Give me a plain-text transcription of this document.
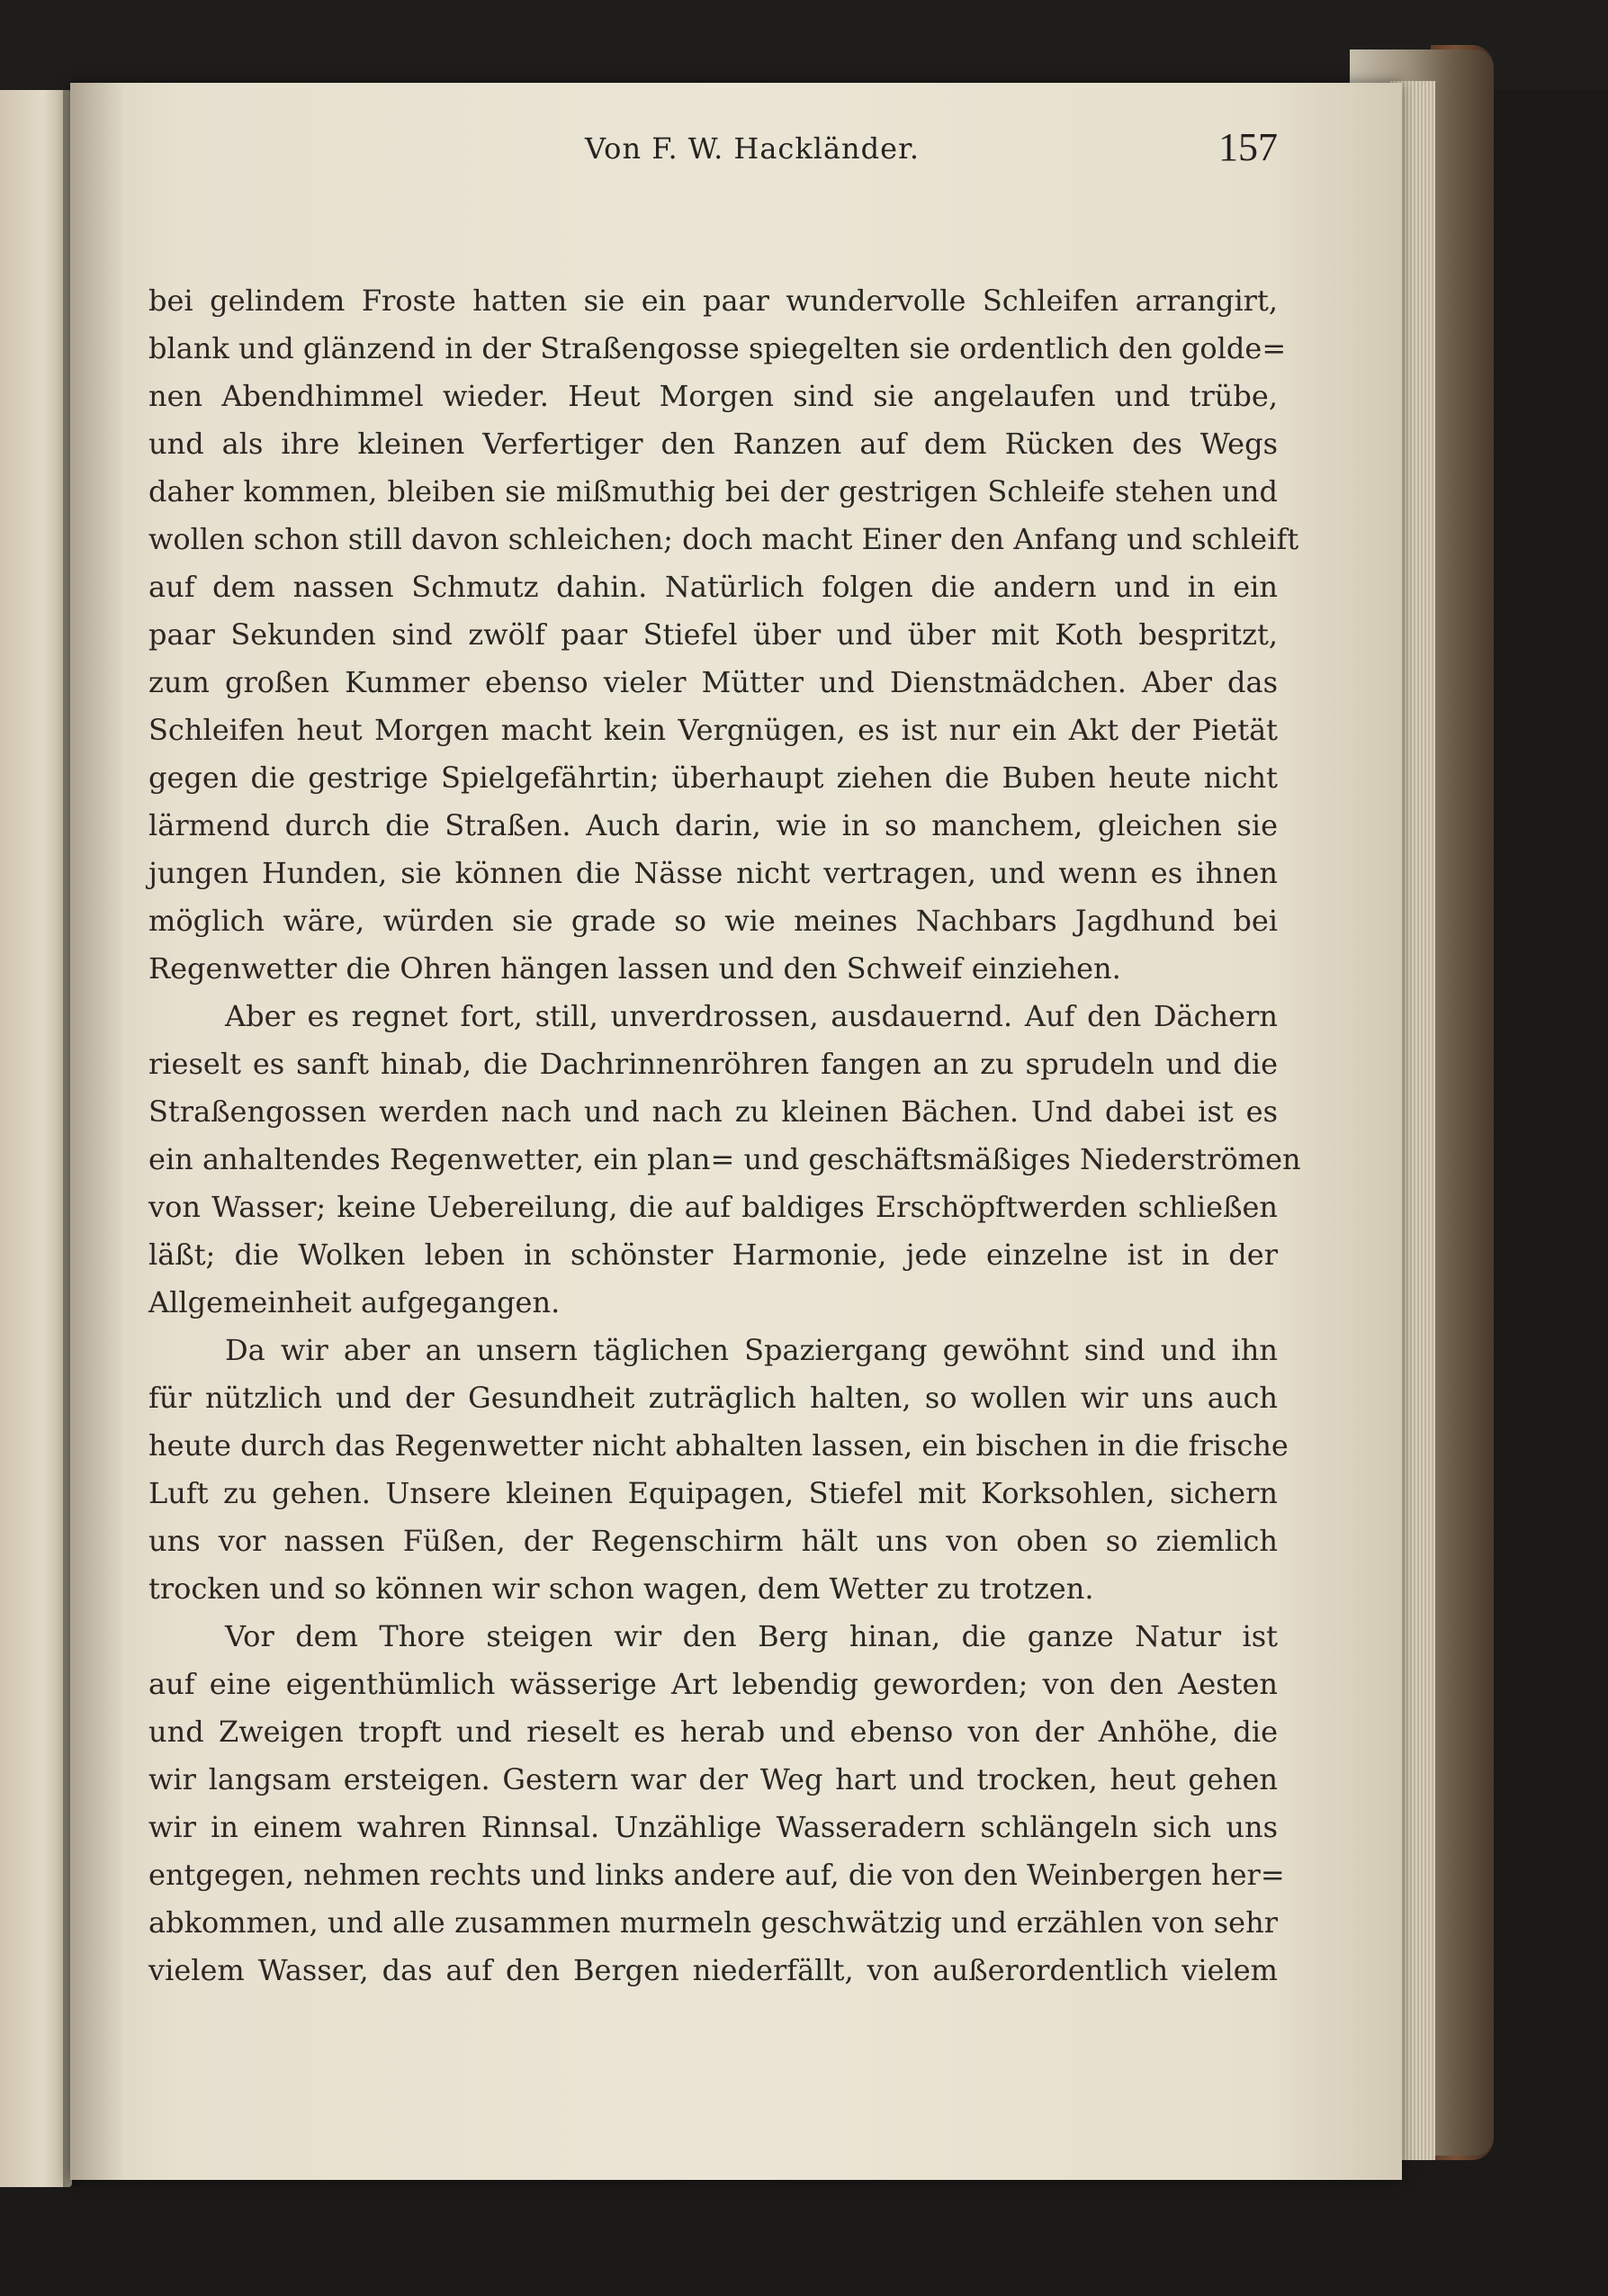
Von F. W. Hackländer.	157
bei gelindem Froste hatten sie ein paar wundervolle Schleifen arrangirt,
blank und glänzend in der Straßengosse spiegelten sie ordentlich den golde=
nen Abendhimmel wieder. Heut Morgen sind sie angelaufen und trübe,
und als ihre kleinen Verfertiger den Ranzen auf dem Rücken des Wegs
daher kommen, bleiben sie mißmuthig bei der gestrigen Schleife stehen und
wollen schon still davon schleichen; doch macht Einer den Anfang und schleift
auf dem nassen Schmutz dahin. Natürlich folgen die andern und in ein
paar Sekunden sind zwölf paar Stiefel über und über mit Koth bespritzt,
zum großen Kummer ebenso vieler Mütter und Dienstmädchen. Aber das
Schleifen heut Morgen macht kein Vergnügen, es ist nur ein Akt der Pietät
gegen die gestrige Spielgefährtin; überhaupt ziehen die Buben heute nicht
lärmend durch die Straßen. Auch darin, wie in so manchem, gleichen sie
jungen Hunden, sie können die Nässe nicht vertragen, und wenn es ihnen
möglich wäre, würden sie grade so wie meines Nachbars Jagdhund bei
Regenwetter die Ohren hängen lassen und den Schweif einziehen.
Aber es regnet fort, still, unverdrossen, ausdauernd. Auf den Dächern
rieselt es sanft hinab, die Dachrinnenröhren fangen an zu sprudeln und die
Straßengossen werden nach und nach zu kleinen Bächen. Und dabei ist es
ein anhaltendes Regenwetter, ein plan= und geschäftsmäßiges Niederströmen
von Wasser; keine Uebereilung, die auf baldiges Erschöpftwerden schließen
läßt; die Wolken leben in schönster Harmonie, jede einzelne ist in der
Allgemeinheit aufgegangen.
Da wir aber an unsern täglichen Spaziergang gewöhnt sind und ihn
für nützlich und der Gesundheit zuträglich halten, so wollen wir uns auch
heute durch das Regenwetter nicht abhalten lassen, ein bischen in die frische
Luft zu gehen. Unsere kleinen Equipagen, Stiefel mit Korksohlen, sichern
uns vor nassen Füßen, der Regenschirm hält uns von oben so ziemlich
trocken und so können wir schon wagen, dem Wetter zu trotzen.
Vor dem Thore steigen wir den Berg hinan, die ganze Natur ist
auf eine eigenthümlich wässerige Art lebendig geworden; von den Aesten
und Zweigen tropft und rieselt es herab und ebenso von der Anhöhe, die
wir langsam ersteigen. Gestern war der Weg hart und trocken, heut gehen
wir in einem wahren Rinnsal. Unzählige Wasseradern schlängeln sich uns
entgegen, nehmen rechts und links andere auf, die von den Weinbergen her=
abkommen, und alle zusammen murmeln geschwätzig und erzählen von sehr
vielem Wasser, das auf den Bergen niederfällt, von außerordentlich vielem
